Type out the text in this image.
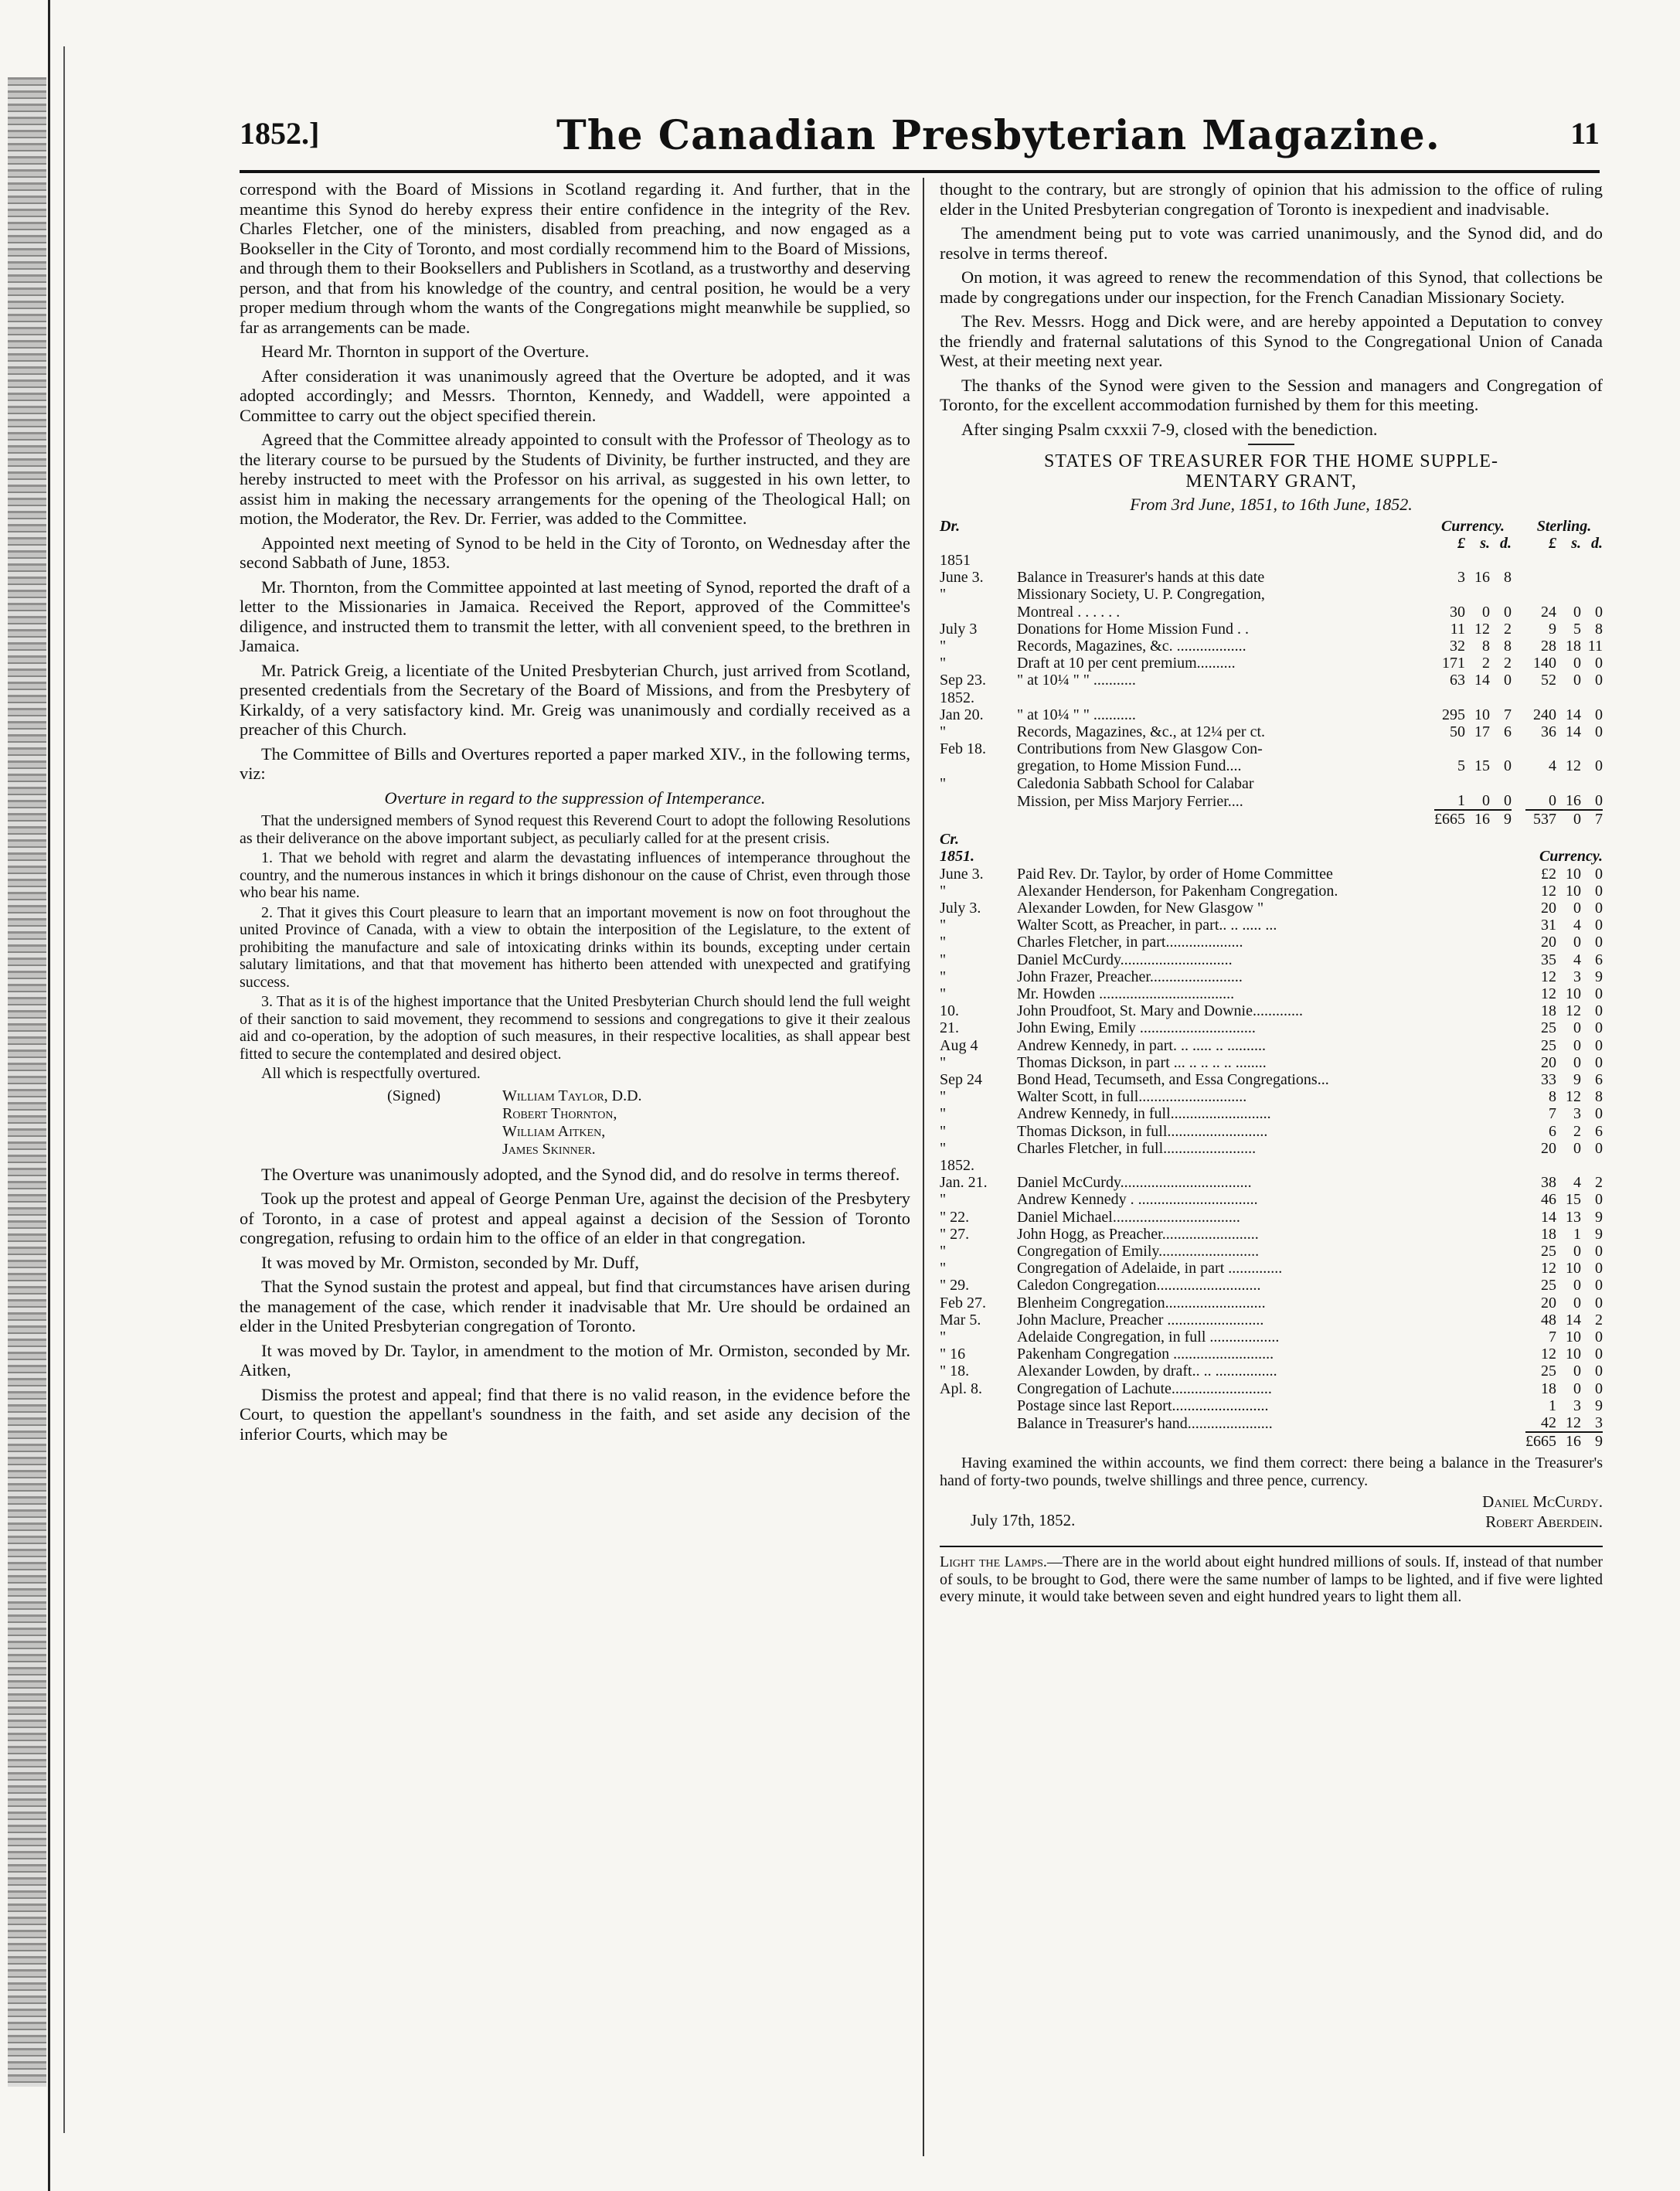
1852.]	The Canadian Presbyterian Magazine.	11

correspond with the Board of Missions in Scotland regarding it. And further, that in the meantime this Synod do hereby express their entire confidence in the integrity of the Rev. Charles Fletcher, one of the ministers, disabled from preaching, and now engaged as a Bookseller in the City of Toronto, and most cordially recommend him to the Board of Missions, and through them to their Booksellers and Publishers in Scotland, as a trustworthy and deserving person, and that from his knowledge of the country, and central position, he would be a very proper medium through whom the wants of the Congregations might meanwhile be supplied, so far as arrangements can be made.

Heard Mr. Thornton in support of the Overture.

After consideration it was unanimously agreed that the Overture be adopted, and it was adopted accordingly; and Messrs. Thornton, Kennedy, and Waddell, were appointed a Committee to carry out the object specified therein.

Agreed that the Committee already appointed to consult with the Professor of Theology as to the literary course to be pursued by the Students of Divinity, be further instructed, and they are hereby instructed to meet with the Professor on his arrival, as suggested in his own letter, to assist him in making the necessary arrangements for the opening of the Theological Hall; on motion, the Moderator, the Rev. Dr. Ferrier, was added to the Committee.

Appointed next meeting of Synod to be held in the City of Toronto, on Wednesday after the second Sabbath of June, 1853.

Mr. Thornton, from the Committee appointed at last meeting of Synod, reported the draft of a letter to the Missionaries in Jamaica. Received the Report, approved of the Committee's diligence, and instructed them to transmit the letter, with all convenient speed, to the brethren in Jamaica.

Mr. Patrick Greig, a licentiate of the United Presbyterian Church, just arrived from Scotland, presented credentials from the Secretary of the Board of Missions, and from the Presbytery of Kirkaldy, of a very satisfactory kind. Mr. Greig was unanimously and cordially received as a preacher of this Church.

The Committee of Bills and Overtures reported a paper marked XIV., in the following terms, viz:

Overture in regard to the suppression of Intemperance.

That the undersigned members of Synod request this Reverend Court to adopt the following Resolutions as their deliverance on the above important subject, as peculiarly called for at the present crisis.

1. That we behold with regret and alarm the devastating influences of intemperance throughout the country, and the numerous instances in which it brings dishonour on the cause of Christ, even through those who bear his name.

2. That it gives this Court pleasure to learn that an important movement is now on foot throughout the united Province of Canada, with a view to obtain the interposition of the Legislature, to the extent of prohibiting the manufacture and sale of intoxicating drinks within its bounds, excepting under certain salutary limitations, and that that movement has hitherto been attended with unexpected and gratifying success.

3. That as it is of the highest importance that the United Presbyterian Church should lend the full weight of their sanction to said movement, they recommend to sessions and congregations to give it their zealous aid and co-operation, by the adoption of such measures, in their respective localities, as shall appear best fitted to secure the contemplated and desired object.

All which is respectfully overtured.

(Signed)	William Taylor, D.D.
Robert Thornton,
William Aitken,
James Skinner.

The Overture was unanimously adopted, and the Synod did, and do resolve in terms thereof.

Took up the protest and appeal of George Penman Ure, against the decision of the Presbytery of Toronto, in a case of protest and appeal against a decision of the Session of Toronto congregation, refusing to ordain him to the office of an elder in that congregation.

It was moved by Mr. Ormiston, seconded by Mr. Duff,

That the Synod sustain the protest and appeal, but find that circumstances have arisen during the management of the case, which render it inadvisable that Mr. Ure should be ordained an elder in the United Presbyterian congregation of Toronto.

It was moved by Dr. Taylor, in amendment to the motion of Mr. Ormiston, seconded by Mr. Aitken,

Dismiss the protest and appeal; find that there is no valid reason, in the evidence before the Court, to question the appellant's soundness in the faith, and set aside any decision of the inferior Courts, which may be

thought to the contrary, but are strongly of opinion that his admission to the office of ruling elder in the United Presbyterian congregation of Toronto is inexpedient and inadvisable.

The amendment being put to vote was carried unanimously, and the Synod did, and do resolve in terms thereof.

On motion, it was agreed to renew the recommendation of this Synod, that collections be made by congregations under our inspection, for the French Canadian Missionary Society.

The Rev. Messrs. Hogg and Dick were, and are hereby appointed a Deputation to convey the friendly and fraternal salutations of this Synod to the Congregational Union of Canada West, at their meeting next year.

The thanks of the Synod were given to the Session and managers and Congregation of Toronto, for the excellent accommodation furnished by them for this meeting.

After singing Psalm cxxxii 7-9, closed with the benediction.

STATES OF TREASURER FOR THE HOME SUPPLE-
MENTARY GRANT,
From 3rd June, 1851, to 16th June, 1852.
Dr.		Currency.				Sterling.		
		£	s.	d.		£	s.	d.
1851								
June 3.	Balance in Treasurer's hands at this date	3	16	8				
"	Missionary Society, U. P. Congregation,							
	Montreal . . . . . .	30	0	0		24	0	0
July 3	Donations for Home Mission Fund . .	11	12	2		9	5	8
"	Records, Magazines, &c. ..................	32	8	8		28	18	11
"	Draft at 10 per cent premium..........	171	2	2		140	0	0
Sep 23.	" at 10¼ " " ...........	63	14	0		52	0	0
1852.								
Jan 20.	" at 10¼ " " ...........	295	10	7		240	14	0
"	Records, Magazines, &c., at 12¼ per ct.	50	17	6		36	14	0
Feb 18.	Contributions from New Glasgow Con-							
	gregation, to Home Mission Fund....	5	15	0		4	12	0
"	Caledonia Sabbath School for Calabar							
	Mission, per Miss Marjory Ferrier....	1	0	0		0	16	0
		£665	16	9		537	0	7
Cr.				
1851.		Currency.		
June 3.	Paid Rev. Dr. Taylor, by order of Home Committee	£2	10	0
"	Alexander Henderson, for Pakenham Congregation.	12	10	0
July 3.	Alexander Lowden, for New Glasgow "	20	0	0
"	Walter Scott, as Preacher, in part.. .. ..... ...	31	4	0
"	Charles Fletcher, in part....................	20	0	0
"	Daniel McCurdy.............................	35	4	6
"	John Frazer, Preacher........................	12	3	9
"	Mr. Howden ...................................	12	10	0
10.	John Proudfoot, St. Mary and Downie.............	18	12	0
21.	John Ewing, Emily ..............................	25	0	0
Aug 4	Andrew Kennedy, in part. .. ..... .. ..........	25	0	0
"	Thomas Dickson, in part ... .. .. .. .. ........	20	0	0
Sep 24	Bond Head, Tecumseth, and Essa Congregations...	33	9	6
"	Walter Scott, in full............................	8	12	8
"	Andrew Kennedy, in full..........................	7	3	0
"	Thomas Dickson, in full..........................	6	2	6
"	Charles Fletcher, in full........................	20	0	0
1852.				
Jan. 21.	Daniel McCurdy..................................	38	4	2
"	Andrew Kennedy . ...............................	46	15	0
" 22.	Daniel Michael.................................	14	13	9
" 27.	John Hogg, as Preacher.........................	18	1	9
"	Congregation of Emily..........................	25	0	0
"	Congregation of Adelaide, in part ..............	12	10	0
" 29.	Caledon Congregation...........................	25	0	0
Feb 27.	Blenheim Congregation..........................	20	0	0
Mar 5.	John Maclure, Preacher .........................	48	14	2
"	Adelaide Congregation, in full ..................	7	10	0
" 16	Pakenham Congregation ..........................	12	10	0
" 18.	Alexander Lowden, by draft.. .. ................	25	0	0
Apl. 8.	Congregation of Lachute..........................	18	0	0
	Postage since last Report.........................	1	3	9
	Balance in Treasurer's hand......................	42	12	3
		£665	16	9

Having examined the within accounts, we find them correct: there being a balance in the Treasurer's hand of forty-two pounds, twelve shillings and three pence, currency.

July 17th, 1852.
Daniel McCurdy.
Robert Aberdein.

Light the Lamps.—There are in the world about eight hundred millions of souls. If, instead of that number of souls, to be brought to God, there were the same number of lamps to be lighted, and if five were lighted every minute, it would take between seven and eight hundred years to light them all.
